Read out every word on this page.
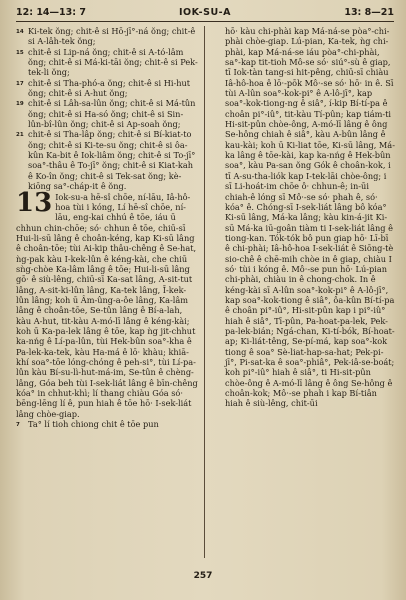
12: 14—13: 7	IOK-SU-A	13: 8—21

14 Ki-tek ŏng; chit-ê si Hō-jī°-ná ŏng; chit-ê si A-lâh-tek ŏng;

15 chit-ê si Lip-ná ŏng; chit-ê si A-tó-lâm ŏng; chit-ê si Má-ki-tāi ŏng; chit-ê si Pek-tek-li ŏng;

17 chit-ê si Tha-phó-a ŏng; chit-ê si Hi-hut ŏng; chit-ê si A-hut ŏng;

19 chit-ê si Lâh-sa-lûn ŏng; chit-ê si Má-tûn ŏng; chit-ê si Ha-só ŏng; chit-ê si Sin-lûn-bî-lûn ŏng; chit-ê si Ap-soah ŏng;

21 chit-ê si Tha-lâp ŏng; chit-ê si Bí-kiat-to ŏng; chit-ê si Ki-te-su ŏng; chit-ê si ôa-kûn Ka-bit ê Iok-liâm ŏng; chit-ê si To-jī° soa°-thâu ê To-jī° ŏng; chit-ê si Kiat-kah ê Ko-în ŏng; chit-ê si Tek-sat ŏng; kè-kiōng sa°-cháp-it ê ŏng.

13 Iok-su-a hē-sî chōe, ní-lāu, Iâ-hô-hoa tùi i kóng, Lí hē-sî chōe, ní-lāu, eng-kai chhú ê tōe, iáu ū chhun chin-chōe; só· chhun ê tōe, chiū-sī Hui-li-sū lâng ê choân-kéng, kap Ki-sū lâng ê choân-tōe; tùi Ai-kip thâu-chêng ê Se-hat, ǹg-pak kàu I-kek-lûn ê kéng-kài, che chiū sǹg-chòe Ka-lâm lâng ê tōe; Hui-li-sū lâng gō· ê siù-lêng, chiū-sī Ka-sat lâng, A-sit-tut lâng, A-sit-ki-lûn lâng, Ka-tek lâng, Ī-kek-lûn lâng; koh ū Âm-ûng-a-ôe lâng, Ka-lâm lâng ê choân-tōe, Se-tûn lâng ê Bí-a-lah, kàu A-hut, tit-kàu A-mó-lī lâng ê kéng-kài; koh ū Ka-pa-lek lâng ê tōe, kap ǹg jit-chhut ka-nńg ê Lí-pa-lûn, tùi Hek-bûn soa°-kha ê Pa-lek-ka-tek, kàu Ha-má ê lō· khàu; khiā-khí soa°-tōe lóng-chóng ê peh-si°, tùi Lí-pa-lûn kàu Bí-su-lì-hut-má-im, Se-tûn ê chèng-lâng, Góa beh tùi I-sek-liát lâng ê bīn-chêng kóa° in chhut-khì; lí thang chiàu Góa só· bēng-lēng lí ê, pun hiah ê tōe hō· I-sek-liát lâng chòe-giap.

7 Ta° lí tioh chiong chit ê tōe pun

hō· kàu chi-phài kap Má-ná-se pòa°-chi-phài chòe-giap. Lú-pian, Ka-tek, ǹg chi-phài, kap Má-ná-se iáu pòa°-chi-phài, sa°-kap tit-tioh Mô-se só· siú°-sù ê giap, tī Iok-tàn tang-si hit-pêng, chiū-sī chiàu Iâ-hô-hoa ê lō·-pōk Mô·-se só· hō· in ê. Sī tùi A-lûn soa°-kok-pi° ê A-lô-jī°, kap soa°-kok-tiong-ng ê siâ°, í-kip Bí-tí-pa ê choân pi°-iû°, tit-kàu Tí-pûn; kap tiám-ti Hi-sit-pûn chòe-ông, A-mó-lī lâng ê ông Se-hông chiah ê siâ°, kàu A-bûn lâng ê kau-kài; koh ū Ki-liat tōe, Ki-sū lâng, Má-ka lâng ê tōe-kài, kap ka-nńg ê Hek-bûn soa°, kàu Pa-san ŏng Gók ê choân-kok, i tī A-su-tha-liók kap I-tek-lāi chòe-ông; i sī Li-hoát-im chōe ô· chhun-ê; in-ūi chiah-ê lóng sī Mô·-se só· phah ê, só· kóa° ê. Chóng-sī I-sek-liát lâng bô kóa° Ki-sū lâng, Má-ka lâng; kàu kin-á-jit Ki-sū Má-ka iū-goân tiàm ti I-sek-liát lâng ê tiong-kan. Tók-tók bô pun giap hō· Lī-bī ê chi-phài; Iâ-hô-hoa I-sek-liát ê Siōng-tè sio-chê ê chē-mih chòe in ê giap, chiàu I só· tùi i kóng ê. Mô·-se pun hō· Lú-pian chi-phài, chiàu in ê chong-chok. In ê kéng-kài sī A-lûn soa°-kok-pi° ê A-lô-jī°, kap soa°-kok-tiong ê siâ°, ôa-kûn Bí-tí-pa ê choân pi°-iû°, Hi-sit-pûn kap i pi°-iû° hiah ê siâ°, Tī-pûn, Pa-hoat-pa-lek, Pek-pa-lek-bián; Ngá-chan, Ki-tí-bók, Bí-hoat-ap; Ki-liát-têng, Se-pí-má, kap soa°-kok tiong ê soa° Sè-liat-hap-sa-hat; Pek-pi-jī°, Pi-sat-ka ê soa°-phiâ°, Pek-iâ-se-boát; koh pi°-iû° hiah ê siâ°, ti Hi-sit-pûn chòe-ông ê A-mó-lī lâng ê ông Se-hông ê choân-kok; Mô·-se phah i kap Bí-tiân hiah ê siù-lêng, chit-ūi

257
